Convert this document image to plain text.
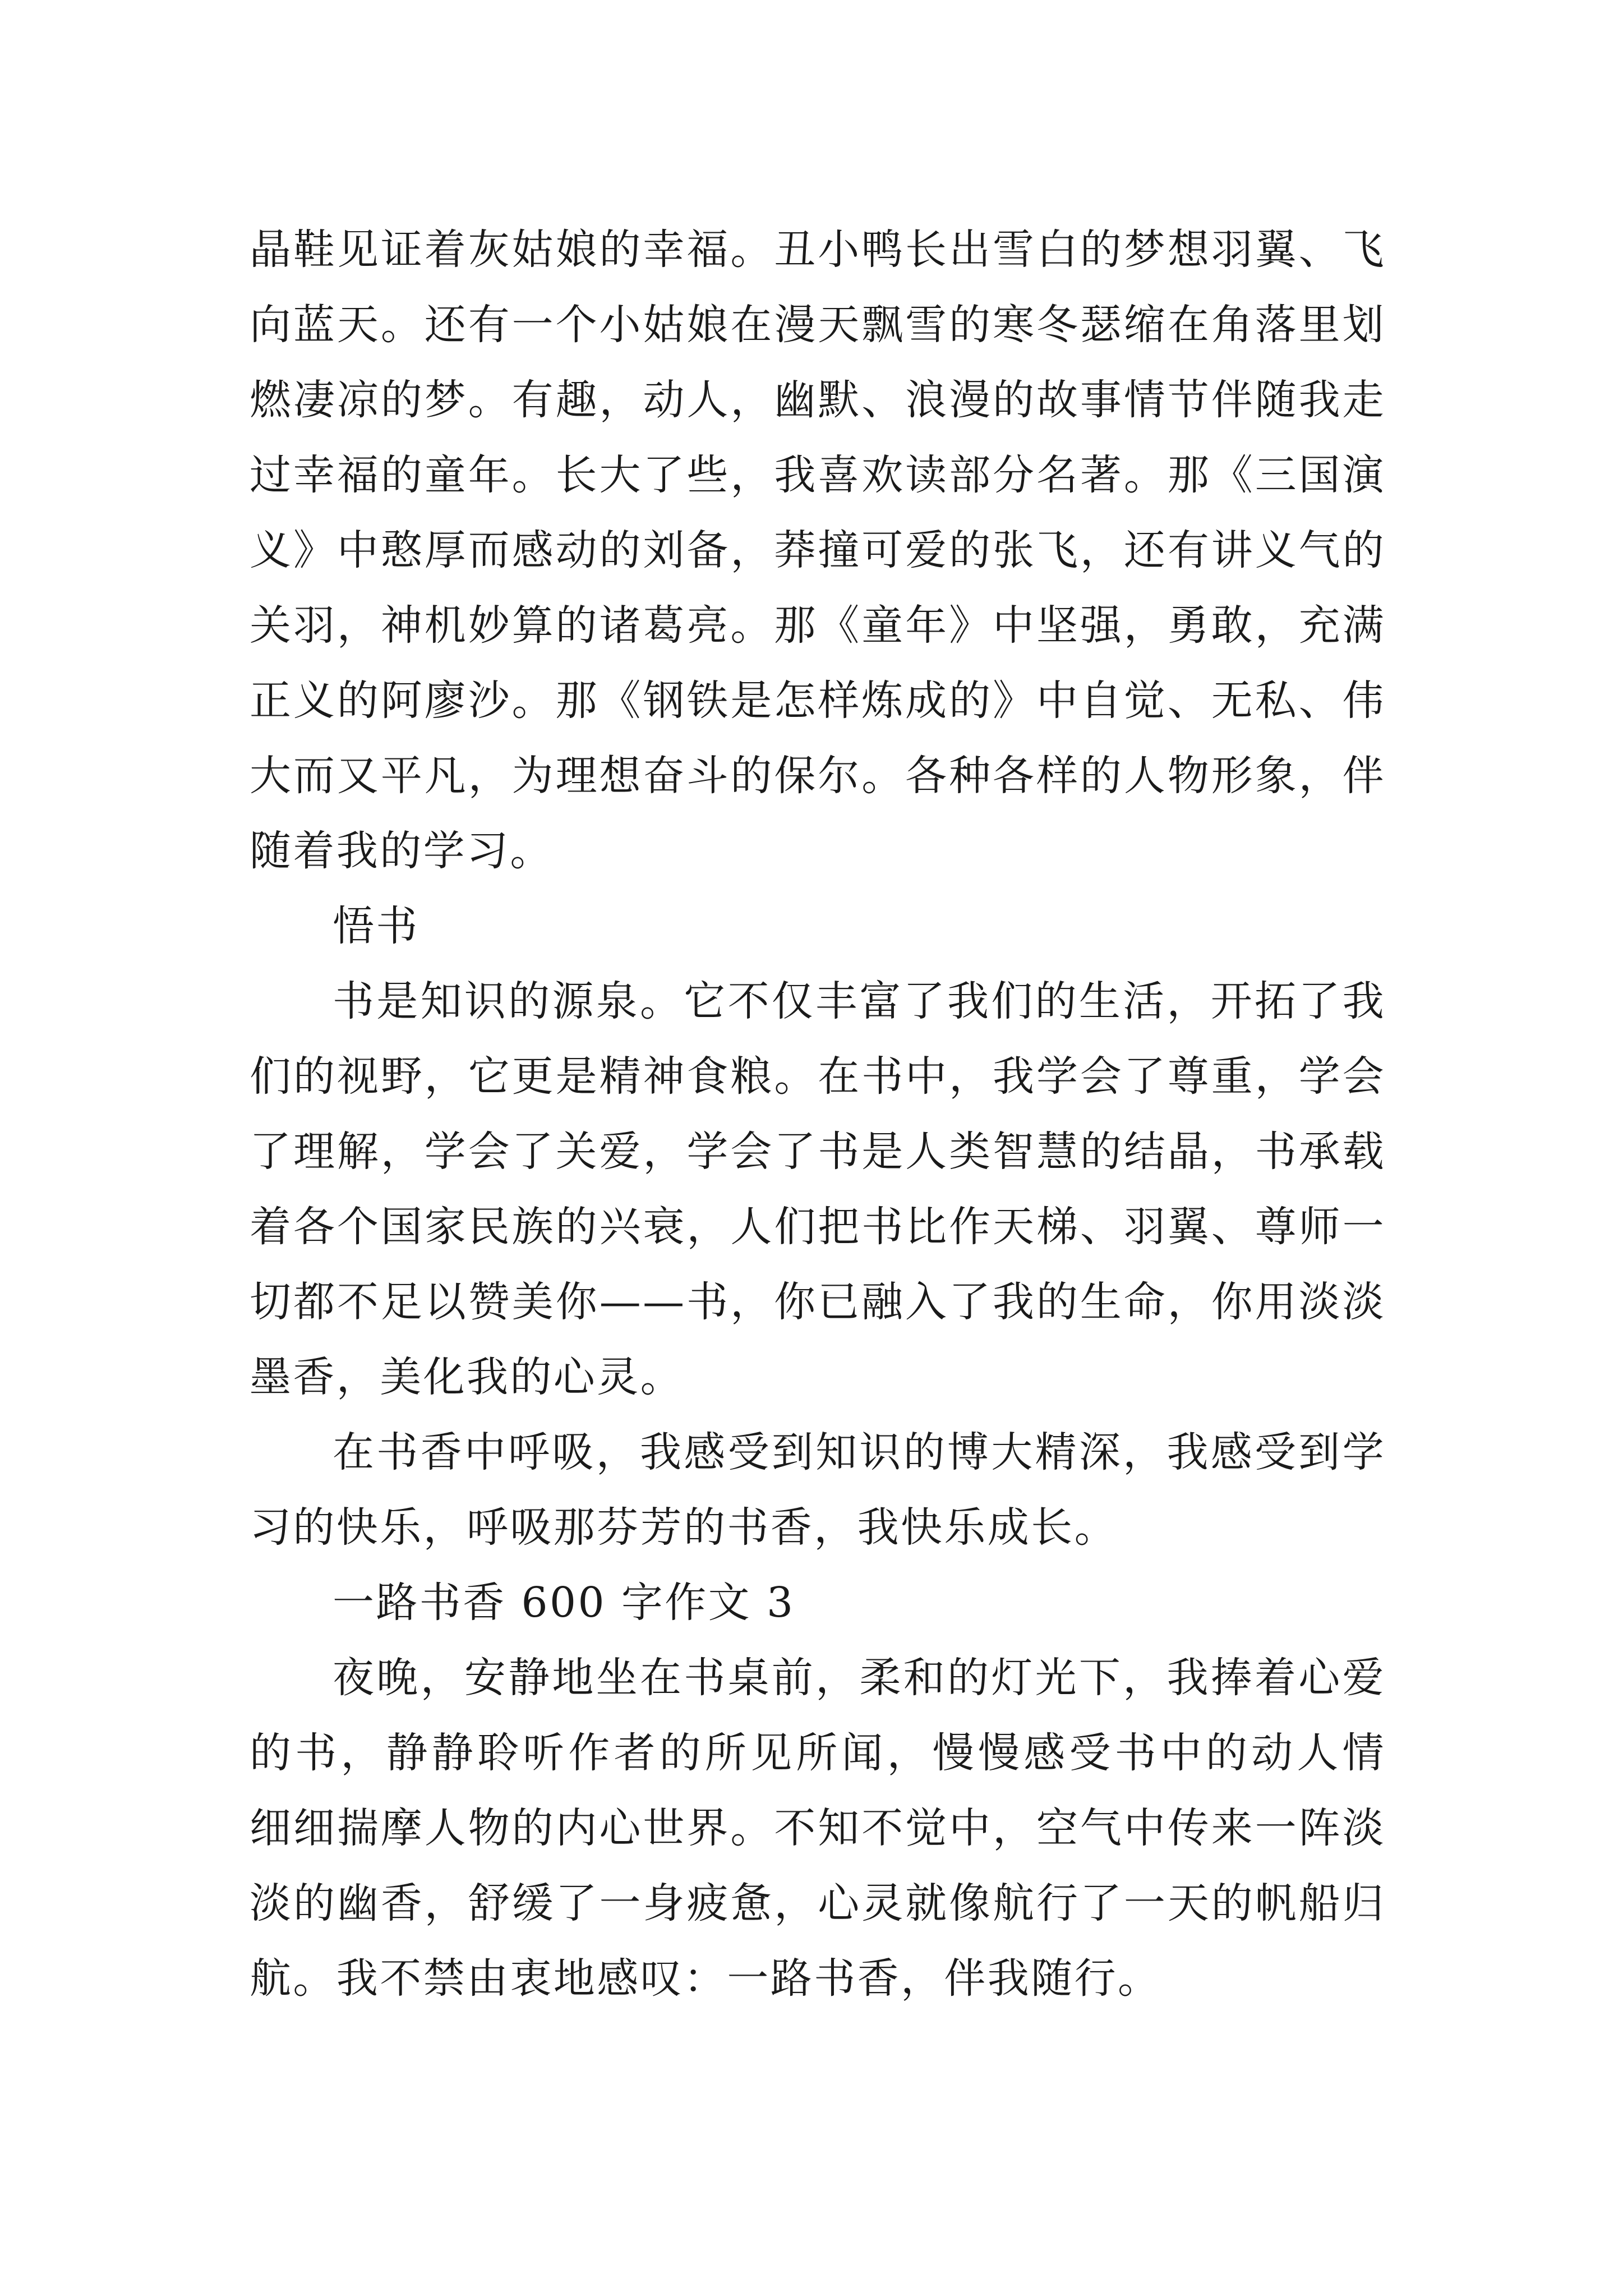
晶鞋见证着灰姑娘的幸福。丑小鸭长出雪白的梦想羽翼、飞
向蓝天。还有一个小姑娘在漫天飘雪的寒冬瑟缩在角落里划
燃凄凉的梦。有趣，动人，幽默、浪漫的故事情节伴随我走
过幸福的童年。长大了些，我喜欢读部分名著。那《三国演
义》中憨厚而感动的刘备，莽撞可爱的张飞，还有讲义气的
关羽，神机妙算的诸葛亮。那《童年》中坚强，勇敢，充满
正义的阿廖沙。那《钢铁是怎样炼成的》中自觉、无私、伟
大而又平凡，为理想奋斗的保尔。各种各样的人物形象，伴
随着我的学习。
悟书
书是知识的源泉。它不仅丰富了我们的生活，开拓了我
们的视野，它更是精神食粮。在书中，我学会了尊重，学会
了理解，学会了关爱，学会了书是人类智慧的结晶，书承载
着各个国家民族的兴衰，人们把书比作天梯、羽翼、尊师一
切都不足以赞美你——书，你已融入了我的生命，你用淡淡
墨香，美化我的心灵。
在书香中呼吸，我感受到知识的博大精深，我感受到学
习的快乐，呼吸那芬芳的书香，我快乐成长。
一路书香 600 字作文 3
夜晚，安静地坐在书桌前，柔和的灯光下，我捧着心爱
的书，静静聆听作者的所见所闻，慢慢感受书中的动人情
细细揣摩人物的内心世界。不知不觉中，空气中传来一阵淡
淡的幽香，舒缓了一身疲惫，心灵就像航行了一天的帆船归
航。我不禁由衷地感叹：一路书香，伴我随行。
